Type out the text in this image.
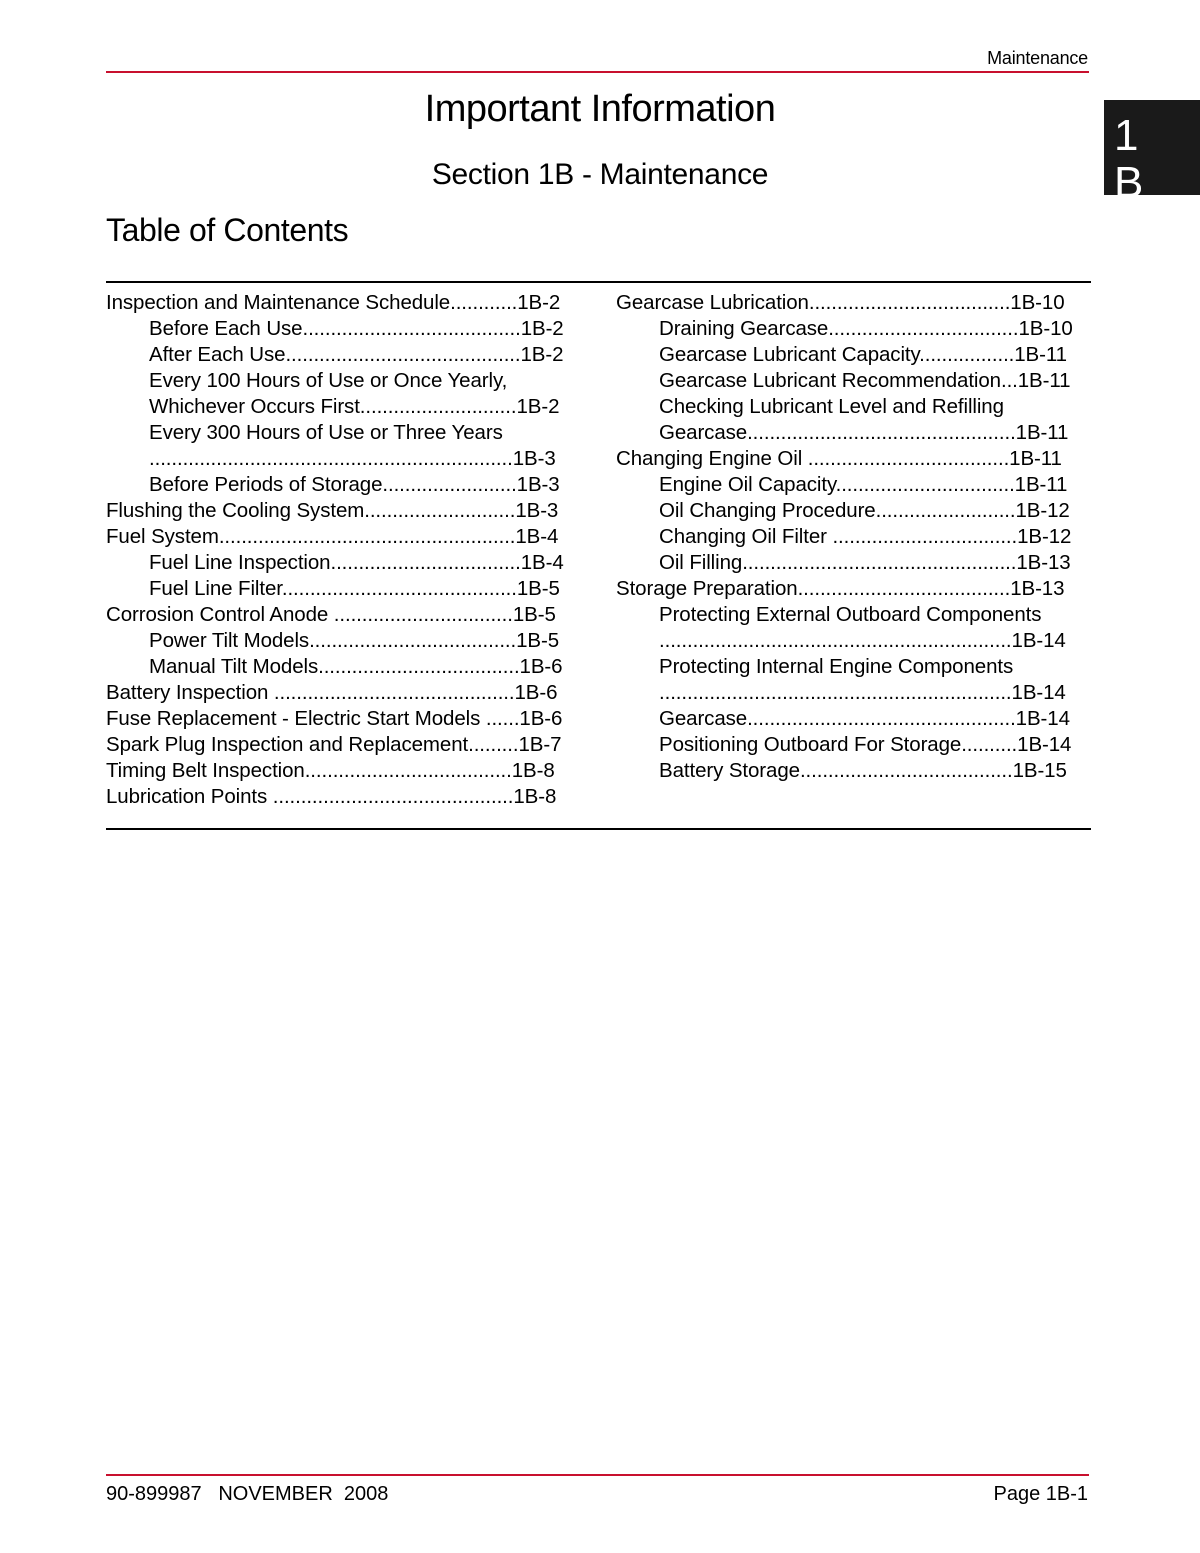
Maintenance
Important Information
Section 1B - Maintenance
1
B
Table of Contents
Inspection and Maintenance Schedule............1B-2
Before Each Use.......................................1B-2
After Each Use..........................................1B-2
Every 100 Hours of Use or Once Yearly,
Whichever Occurs First............................1B-2
Every 300 Hours of Use or Three Years
.................................................................1B-3
Before Periods of Storage........................1B-3
Flushing the Cooling System...........................1B-3
Fuel System.....................................................1B-4
Fuel Line Inspection..................................1B-4
Fuel Line Filter..........................................1B-5
Corrosion Control Anode ................................1B-5
Power Tilt Models.....................................1B-5
Manual Tilt Models....................................1B-6
Battery Inspection ...........................................1B-6
Fuse Replacement - Electric Start Models ......1B-6
Spark Plug Inspection and Replacement.........1B-7
Timing Belt Inspection.....................................1B-8
Lubrication Points ...........................................1B-8
Gearcase Lubrication....................................1B-10
Draining Gearcase..................................1B-10
Gearcase Lubricant Capacity.................1B-11
Gearcase Lubricant Recommendation...1B-11
Checking Lubricant Level and Refilling
Gearcase................................................1B-11
Changing Engine Oil ....................................1B-11
Engine Oil Capacity................................1B-11
Oil Changing Procedure.........................1B-12
Changing Oil Filter .................................1B-12
Oil Filling.................................................1B-13
Storage Preparation......................................1B-13
Protecting External Outboard Components
...............................................................1B-14
Protecting Internal Engine Components
...............................................................1B-14
Gearcase................................................1B-14
Positioning Outboard For Storage..........1B-14
Battery Storage......................................1B-15
90-899987   NOVEMBER  2008	Page 1B-1
